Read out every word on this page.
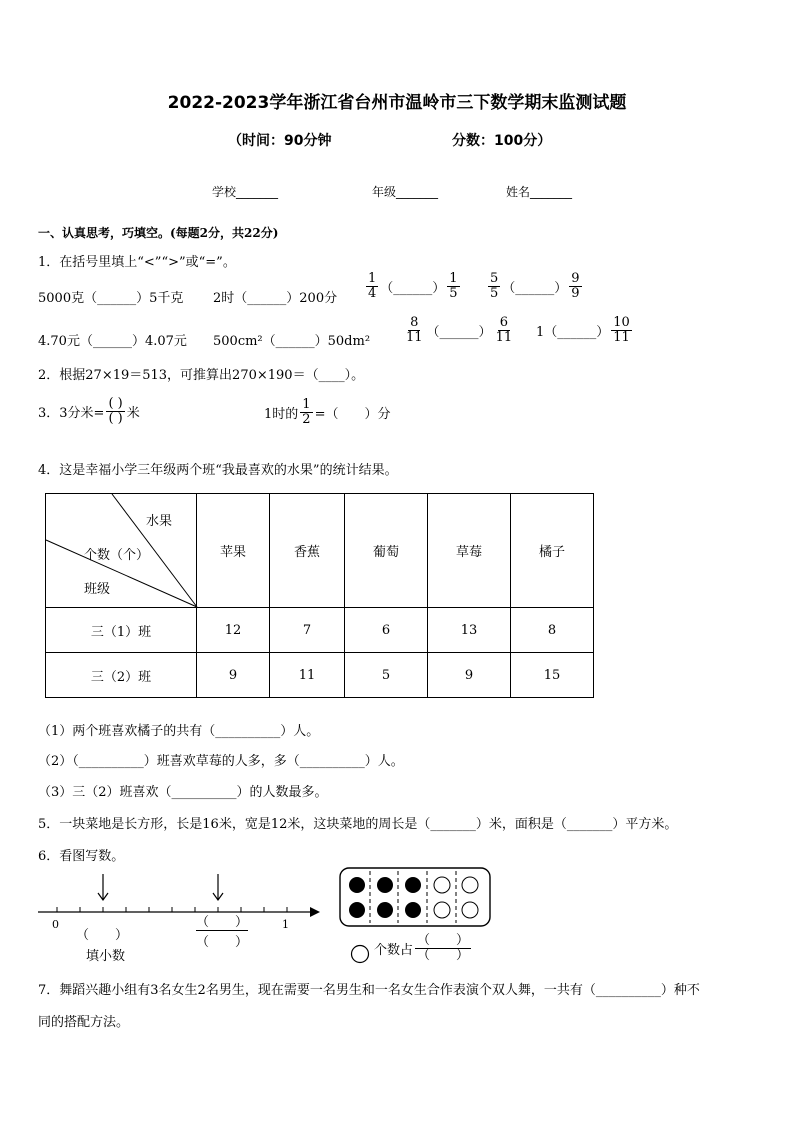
2022-2023学年浙江省台州市温岭市三下数学期末监测试题
（时间：90分钟	分数：100分）
学校_______	年级_______	姓名_______
一、认真思考，巧填空。(每题2分，共22分)
1．在括号里填上“<”“>”或“=”。
5000克（______）5千克 2时（______）200分 $\frac{1}{4}$ （______） $\frac{1}{5} \frac{5}{5}$ （______） $\frac{9}{9}$
4.70元（______）4.07元 500cm²（______）50dm²	$\frac{8}{11}$ （______） $\frac{6}{11}$ 1（______） $\frac{10}{11}$
2．根据27×19＝513，可推算出270×190＝（____）。
3．3分米= $\frac{( )}{( )}$ 米	1时的 $\frac{1}{2}$ =（　　）分
4．这是幸福小学三年级两个班“我最喜欢的水果”的统计结果。
水果
个数（个）
班级	苹果	香蕉	葡萄	草莓	橘子
三（1）班	12	7	6	13	8
三（2）班	9	11	5	9	15
（1）两个班喜欢橘子的共有（__________）人。
（2）（__________）班喜欢草莓的人多，多（__________）人。
（3）三（2）班喜欢（__________）的人数最多。
5．一块菜地是长方形，长是16米，宽是12米，这块菜地的周长是（_______）米，面积是（_______）平方米。
6．看图写数。
0	1
（　　）
填小数
（　　）
（　　）
个数占 $\frac{( )}{( )}$
7．舞蹈兴趣小组有3名女生2名男生，现在需要一名男生和一名女生合作表演个双人舞，一共有（__________）种不
同的搭配方法。
